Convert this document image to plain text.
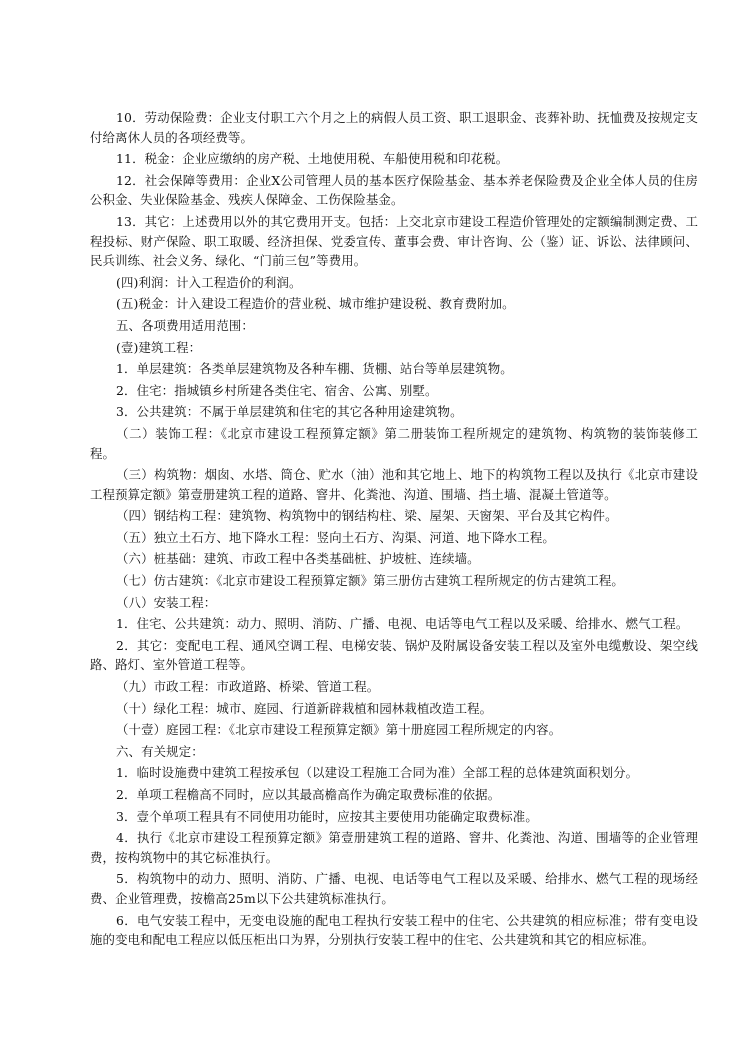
10．劳动保险费：企业支付职工六个月之上的病假人员工资、职工退职金、丧葬补助、抚恤费及按规定支付给离休人员的各项经费等。

11．税金：企业应缴纳的房产税、土地使用税、车船使用税和印花税。

12．社会保障等费用：企业X公司管理人员的基本医疗保险基金、基本养老保险费及企业全体人员的住房公积金、失业保险基金、残疾人保障金、工伤保险基金。

13．其它：上述费用以外的其它费用开支。包括：上交北京市建设工程造价管理处的定额编制测定费、工程投标、财产保险、职工取暖、经济担保、党委宣传、董事会费、审计咨询、公（鉴）证、诉讼、法律顾问、民兵训练、社会义务、绿化、“门前三包”等费用。

(四)利润：计入工程造价的利润。

(五)税金：计入建设工程造价的营业税、城市维护建设税、教育费附加。

五、各项费用适用范围：

(壹)建筑工程：

1．单层建筑：各类单层建筑物及各种车棚、货棚、站台等单层建筑物。

2．住宅：指城镇乡村所建各类住宅、宿舍、公寓、别墅。

3．公共建筑：不属于单层建筑和住宅的其它各种用途建筑物。

（二）装饰工程：《北京市建设工程预算定额》第二册装饰工程所规定的建筑物、构筑物的装饰装修工程。

（三）构筑物：烟囱、水塔、筒仓、贮水（油）池和其它地上、地下的构筑物工程以及执行《北京市建设工程预算定额》第壹册建筑工程的道路、窨井、化粪池、沟道、围墙、挡土墙、混凝土管道等。

（四）钢结构工程：建筑物、构筑物中的钢结构柱、梁、屋架、天窗架、平台及其它构件。

（五）独立土石方、地下降水工程：竖向土石方、沟渠、河道、地下降水工程。

（六）桩基础：建筑、市政工程中各类基础桩、护坡桩、连续墙。

（七）仿古建筑：《北京市建设工程预算定额》第三册仿古建筑工程所规定的仿古建筑工程。

（八）安装工程：

1．住宅、公共建筑：动力、照明、消防、广播、电视、电话等电气工程以及采暖、给排水、燃气工程。

2．其它：变配电工程、通风空调工程、电梯安装、锅炉及附属设备安装工程以及室外电缆敷设、架空线路、路灯、室外管道工程等。

（九）市政工程：市政道路、桥梁、管道工程。

（十）绿化工程：城市、庭园、行道新辟栽植和园林栽植改造工程。

（十壹）庭园工程：《北京市建设工程预算定额》第十册庭园工程所规定的内容。

六、有关规定：

1．临时设施费中建筑工程按承包（以建设工程施工合同为准）全部工程的总体建筑面积划分。

2．单项工程檐高不同时，应以其最高檐高作为确定取费标准的依据。

3．壹个单项工程具有不同使用功能时，应按其主要使用功能确定取费标准。

4．执行《北京市建设工程预算定额》第壹册建筑工程的道路、窨井、化粪池、沟道、围墙等的企业管理费，按构筑物中的其它标准执行。

5．构筑物中的动力、照明、消防、广播、电视、电话等电气工程以及采暖、给排水、燃气工程的现场经费、企业管理费，按檐高25m以下公共建筑标准执行。

6．电气安装工程中，无变电设施的配电工程执行安装工程中的住宅、公共建筑的相应标准；带有变电设施的变电和配电工程应以低压柜出口为界，分别执行安装工程中的住宅、公共建筑和其它的相应标准。
